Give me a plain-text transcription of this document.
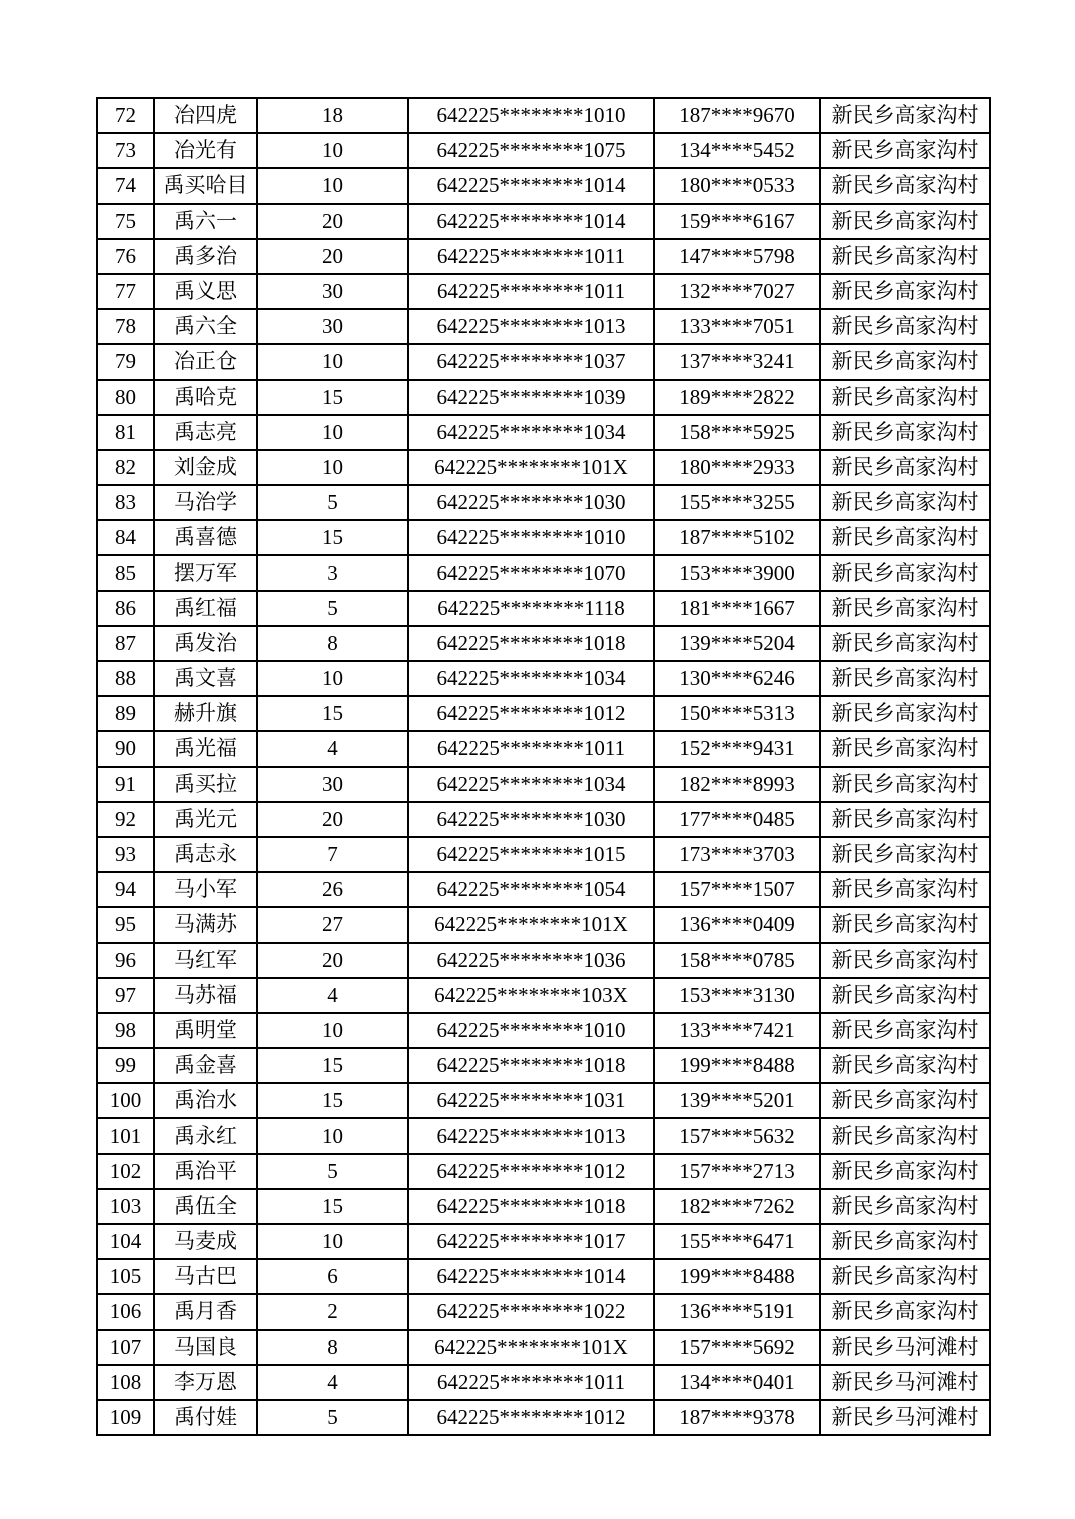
72	冶四虎	18	642225********1010	187****9670	新民乡高家沟村
73	冶光有	10	642225********1075	134****5452	新民乡高家沟村
74	禹买哈目	10	642225********1014	180****0533	新民乡高家沟村
75	禹六一	20	642225********1014	159****6167	新民乡高家沟村
76	禹多治	20	642225********1011	147****5798	新民乡高家沟村
77	禹义思	30	642225********1011	132****7027	新民乡高家沟村
78	禹六全	30	642225********1013	133****7051	新民乡高家沟村
79	冶正仓	10	642225********1037	137****3241	新民乡高家沟村
80	禹哈克	15	642225********1039	189****2822	新民乡高家沟村
81	禹志亮	10	642225********1034	158****5925	新民乡高家沟村
82	刘金成	10	642225********101X	180****2933	新民乡高家沟村
83	马治学	5	642225********1030	155****3255	新民乡高家沟村
84	禹喜德	15	642225********1010	187****5102	新民乡高家沟村
85	摆万军	3	642225********1070	153****3900	新民乡高家沟村
86	禹红福	5	642225********1118	181****1667	新民乡高家沟村
87	禹发治	8	642225********1018	139****5204	新民乡高家沟村
88	禹文喜	10	642225********1034	130****6246	新民乡高家沟村
89	赫升旗	15	642225********1012	150****5313	新民乡高家沟村
90	禹光福	4	642225********1011	152****9431	新民乡高家沟村
91	禹买拉	30	642225********1034	182****8993	新民乡高家沟村
92	禹光元	20	642225********1030	177****0485	新民乡高家沟村
93	禹志永	7	642225********1015	173****3703	新民乡高家沟村
94	马小军	26	642225********1054	157****1507	新民乡高家沟村
95	马满苏	27	642225********101X	136****0409	新民乡高家沟村
96	马红军	20	642225********1036	158****0785	新民乡高家沟村
97	马苏福	4	642225********103X	153****3130	新民乡高家沟村
98	禹明堂	10	642225********1010	133****7421	新民乡高家沟村
99	禹金喜	15	642225********1018	199****8488	新民乡高家沟村
100	禹治水	15	642225********1031	139****5201	新民乡高家沟村
101	禹永红	10	642225********1013	157****5632	新民乡高家沟村
102	禹治平	5	642225********1012	157****2713	新民乡高家沟村
103	禹伍全	15	642225********1018	182****7262	新民乡高家沟村
104	马麦成	10	642225********1017	155****6471	新民乡高家沟村
105	马古巴	6	642225********1014	199****8488	新民乡高家沟村
106	禹月香	2	642225********1022	136****5191	新民乡高家沟村
107	马国良	8	642225********101X	157****5692	新民乡马河滩村
108	李万恩	4	642225********1011	134****0401	新民乡马河滩村
109	禹付娃	5	642225********1012	187****9378	新民乡马河滩村
